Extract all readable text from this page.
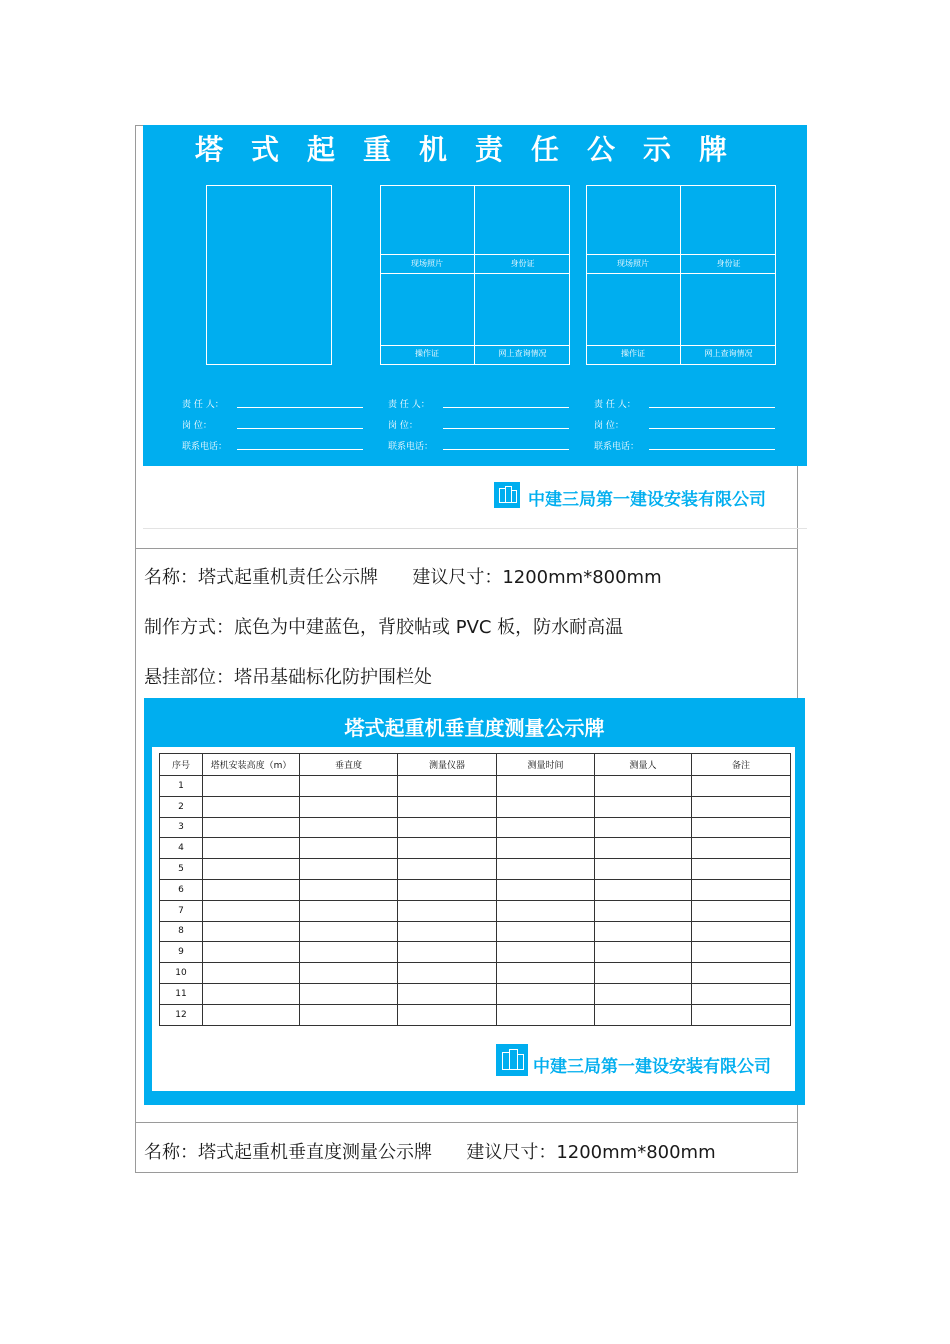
塔式起重机责任公示牌
现场照片	身份证
操作证	网上查询情况
现场照片	身份证
操作证	网上查询情况
责 任 人：
岗 位：
联系电话：
责 任 人：
岗 位：
联系电话：
责 任 人：
岗 位：
联系电话：
中建三局第一建设安装有限公司
名称：塔式起重机责任公示牌      建议尺寸：1200mm*800mm
制作方式：底色为中建蓝色，背胶帖或 PVC 板，防水耐高温
悬挂部位：塔吊基础标化防护围栏处
塔式起重机垂直度测量公示牌
序号	塔机安装高度（m）	垂直度	测量仪器	测量时间	测量人	备注
1						
2						
3						
4						
5						
6						
7						
8						
9						
10						
11						
12						
中建三局第一建设安装有限公司
名称：塔式起重机垂直度测量公示牌      建议尺寸：1200mm*800mm
